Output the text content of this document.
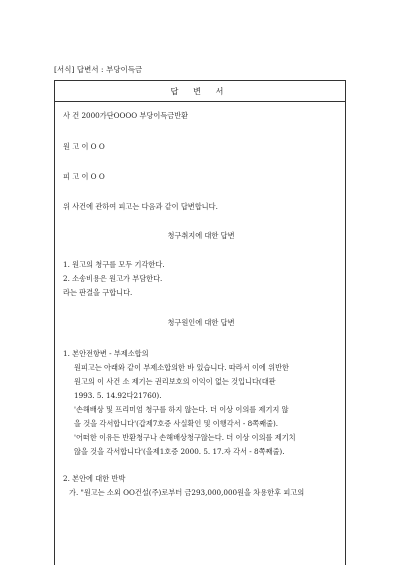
[서식] 답변서 : 부당이득금
답 변 서
사 건 2000가단OOOO 부당이득금반환
원 고 이 O O
피 고 이 O O
위 사건에 관하여 피고는 다음과 같이 답변합니다.
청구취지에 대한 답변
1. 원고의 청구를 모두 기각한다.
2. 소송비용은 원고가 부담한다.
라는 판결을 구합니다.
청구원인에 대한 답변
1. 본안전항변 - 부제소합의
원피고는 아래와 같이 부제소합의한 바 있습니다. 따라서 이에 위반한
원고의 이 사건 소 제기는 권리보호의 이익이 없는 것입니다(대판
1993. 5. 14.92다21760).
'손해배상 및 프리미엄 청구를 하지 않는다. 더 이상 이의를 제기지 않
을 것을 각서합니다'(갑제7호증 사실확인 및 이행각서 - 8쪽째줄).
'어떠한 이유든 반환청구나 손해배상청구않는다. 더 이상 이의를 제기치
않을 것을 각서합니다'(을제1호증 2000. 5. 17.자 각서 - 8쪽째줄).
2. 본안에 대한 반박
가. "원고는 소외 OO건설(주)로부터 금293,000,000원을 차용한후 피고의
